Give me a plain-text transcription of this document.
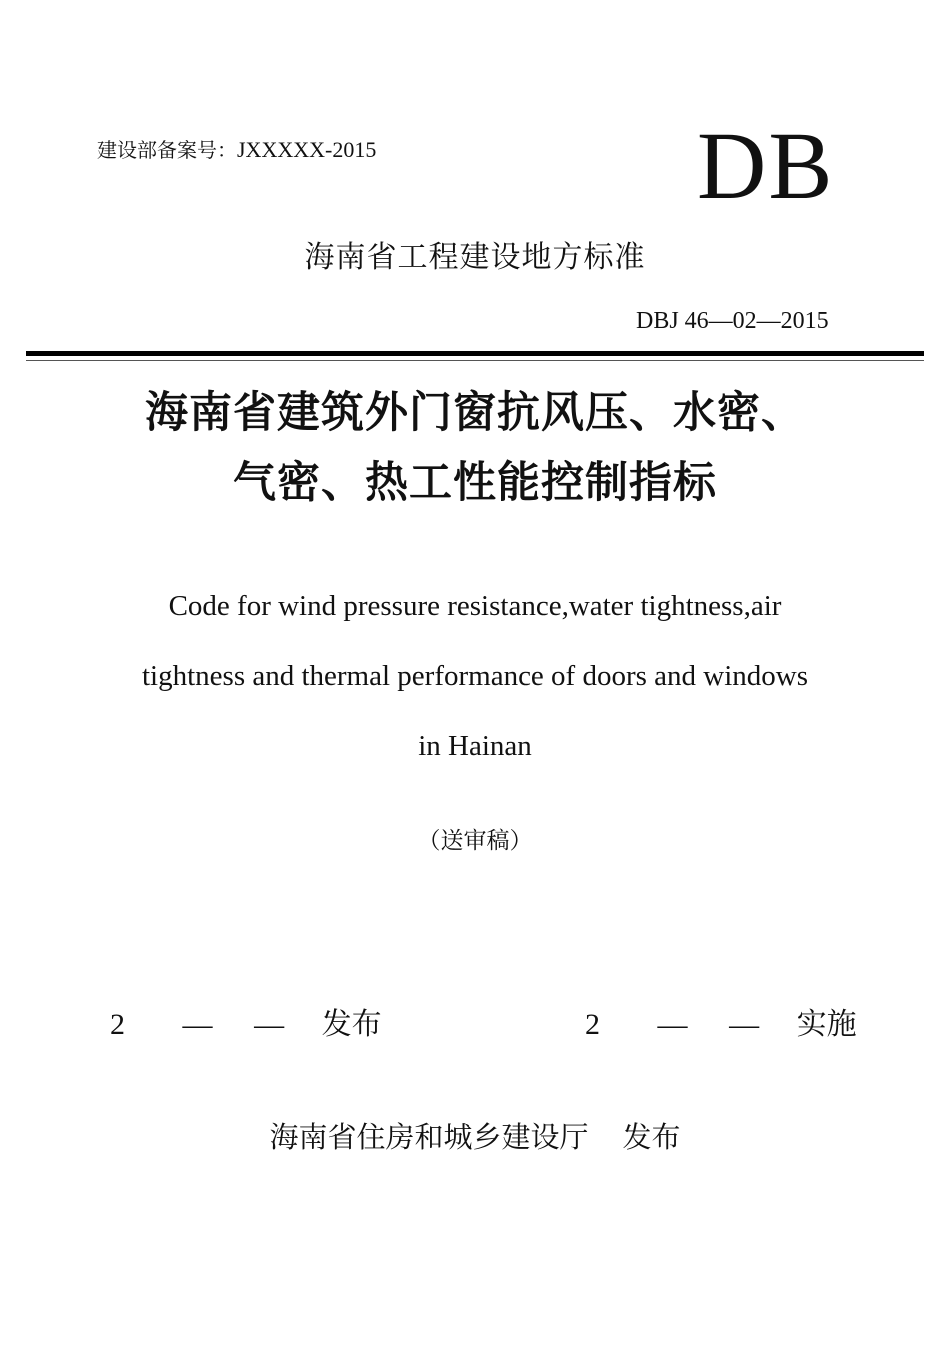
建设部备案号：JXXXXX-2015	DB
海南省工程建设地方标准
DBJ 46—02—2015
海南省建筑外门窗抗风压、水密、
气密、热工性能控制指标
Code for wind pressure resistance,water tightness,air
tightness and thermal performance of doors and windows
in Hainan
（送审稿）
2 — — 发布	2 — — 实施
海南省住房和城乡建设厅 发布
